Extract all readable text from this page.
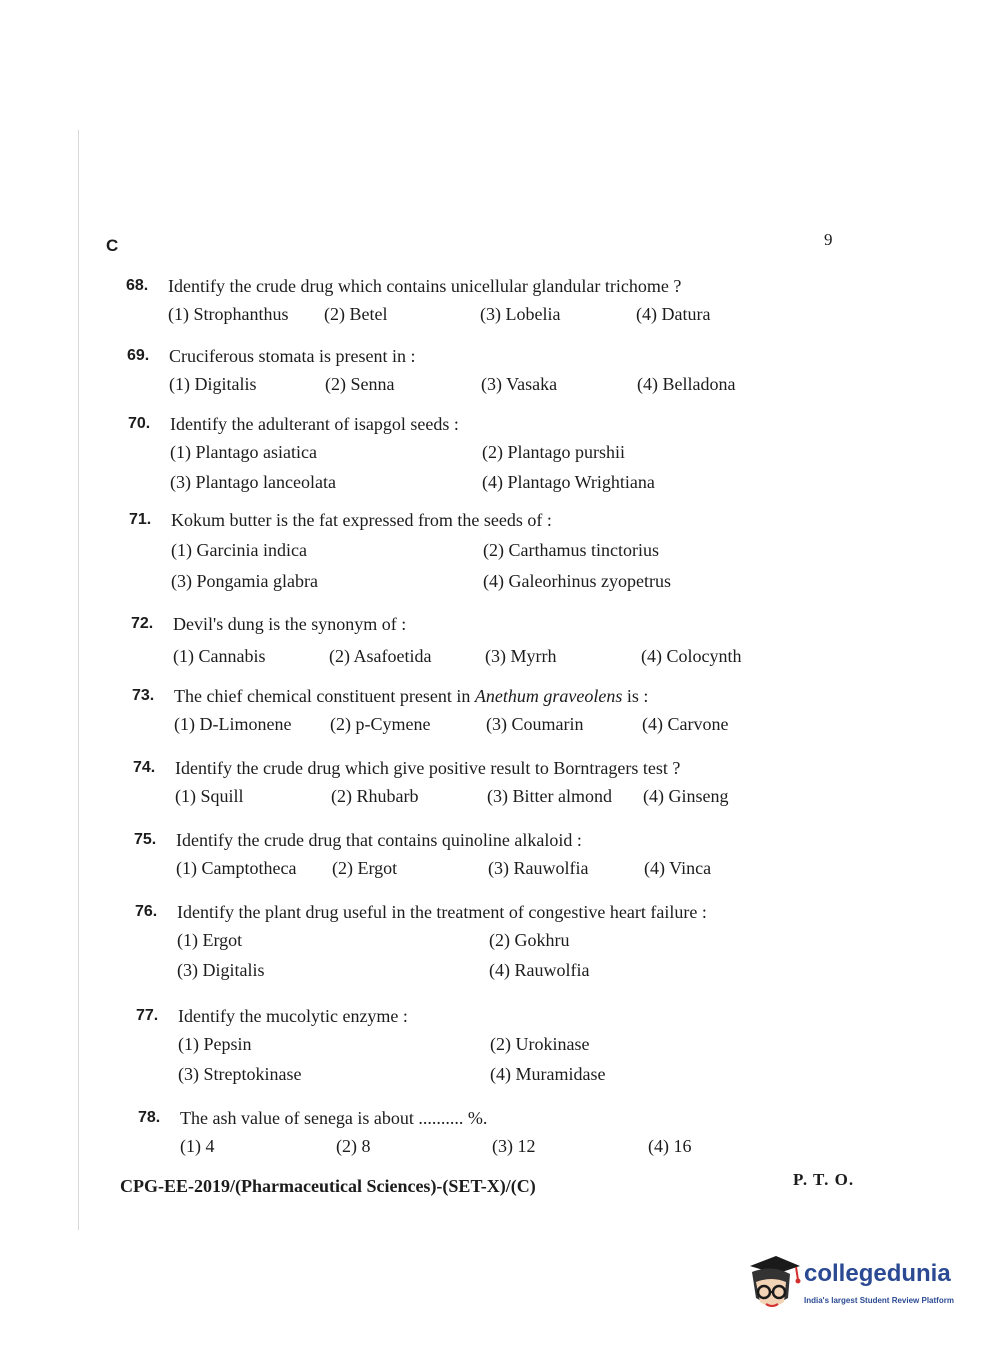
C	9
68.	Identify the crude drug which contains unicellular glandular trichome ?
(1) Strophanthus	(2) Betel	(3) Lobelia	(4) Datura
69.	Cruciferous stomata is present in :
(1) Digitalis	(2) Senna	(3) Vasaka	(4) Belladona
70.	Identify the adulterant of isapgol seeds :
(1) Plantago asiatica	(2) Plantago purshii
(3) Plantago lanceolata	(4) Plantago Wrightiana
71.	Kokum butter is the fat expressed from the seeds of :
(1) Garcinia indica	(2) Carthamus tinctorius
(3) Pongamia glabra	(4) Galeorhinus zyopetrus
72.	Devil's dung is the synonym of :
(1) Cannabis	(2) Asafoetida	(3) Myrrh	(4) Colocynth
73.	The chief chemical constituent present in Anethum graveolens is :
(1) D-Limonene	(2) p-Cymene	(3) Coumarin	(4) Carvone
74.	Identify the crude drug which give positive result to Borntragers test ?
(1) Squill	(2) Rhubarb	(3) Bitter almond	(4) Ginseng
75.	Identify the crude drug that contains quinoline alkaloid :
(1) Camptotheca	(2) Ergot	(3) Rauwolfia	(4) Vinca
76.	Identify the plant drug useful in the treatment of congestive heart failure :
(1) Ergot	(2) Gokhru
(3) Digitalis	(4) Rauwolfia
77.	Identify the mucolytic enzyme :
(1) Pepsin	(2) Urokinase
(3) Streptokinase	(4) Muramidase
78.	The ash value of senega is about .......... %.
(1) 4	(2) 8	(3) 12	(4) 16
CPG-EE-2019/(Pharmaceutical Sciences)-(SET-X)/(C)	P. T. O.
collegedunia
India's largest Student Review Platform
